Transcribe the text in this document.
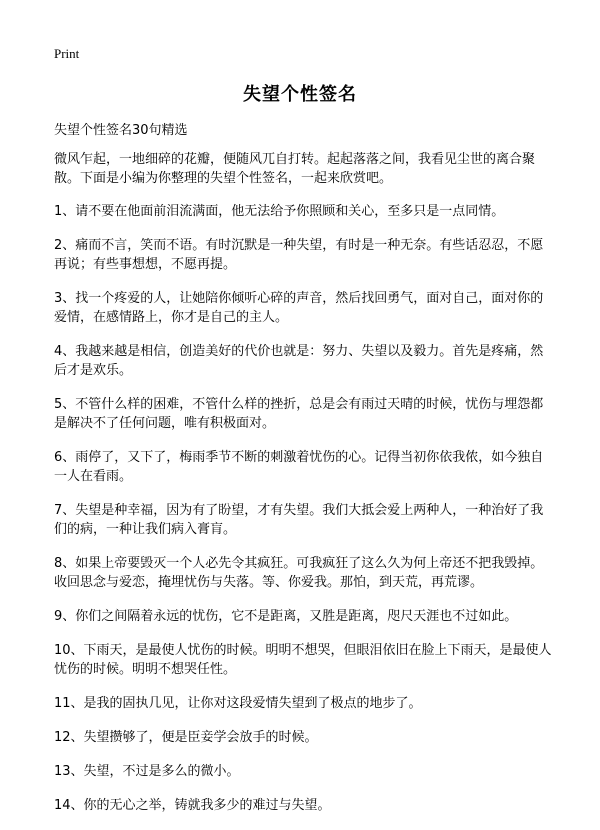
Print
失望个性签名
失望个性签名30句精选

微风乍起，一地细碎的花瓣，便随风兀自打转。起起落落之间，我看见尘世的离合聚散。下面是小编为你整理的失望个性签名，一起来欣赏吧。

1、请不要在他面前泪流满面，他无法给予你照顾和关心，至多只是一点同情。

2、痛而不言，笑而不语。有时沉默是一种失望，有时是一种无奈。有些话忍忍，不愿再说；有些事想想，不愿再提。

3、找一个疼爱的人，让她陪你倾听心碎的声音，然后找回勇气，面对自己，面对你的爱情，在感情路上，你才是自己的主人。

4、我越来越是相信，创造美好的代价也就是：努力、失望以及毅力。首先是疼痛，然后才是欢乐。

5、不管什么样的困难，不管什么样的挫折，总是会有雨过天晴的时候，忧伤与埋怨都是解决不了任何问题，唯有积极面对。

6、雨停了，又下了，梅雨季节不断的刺激着忧伤的心。记得当初你依我侬，如今独自一人在看雨。

7、失望是种幸福，因为有了盼望，才有失望。我们大抵会爱上两种人，一种治好了我们的病，一种让我们病入膏肓。

8、如果上帝要毁灭一个人必先令其疯狂。可我疯狂了这么久为何上帝还不把我毁掉。收回思念与爱恋，掩埋忧伤与失落。等、你爱我。那怕，到天荒，再荒谬。

9、你们之间隔着永远的忧伤，它不是距离，又胜是距离，咫尺天涯也不过如此。

10、下雨天，是最使人忧伤的时候。明明不想哭，但眼泪依旧在脸上下雨天，是最使人忧伤的时候。明明不想哭任性。

11、是我的固执几见，让你对这段爱情失望到了极点的地步了。

12、失望攒够了，便是臣妾学会放手的时候。

13、失望，不过是多么的微小。

14、你的无心之举，铸就我多少的难过与失望。
